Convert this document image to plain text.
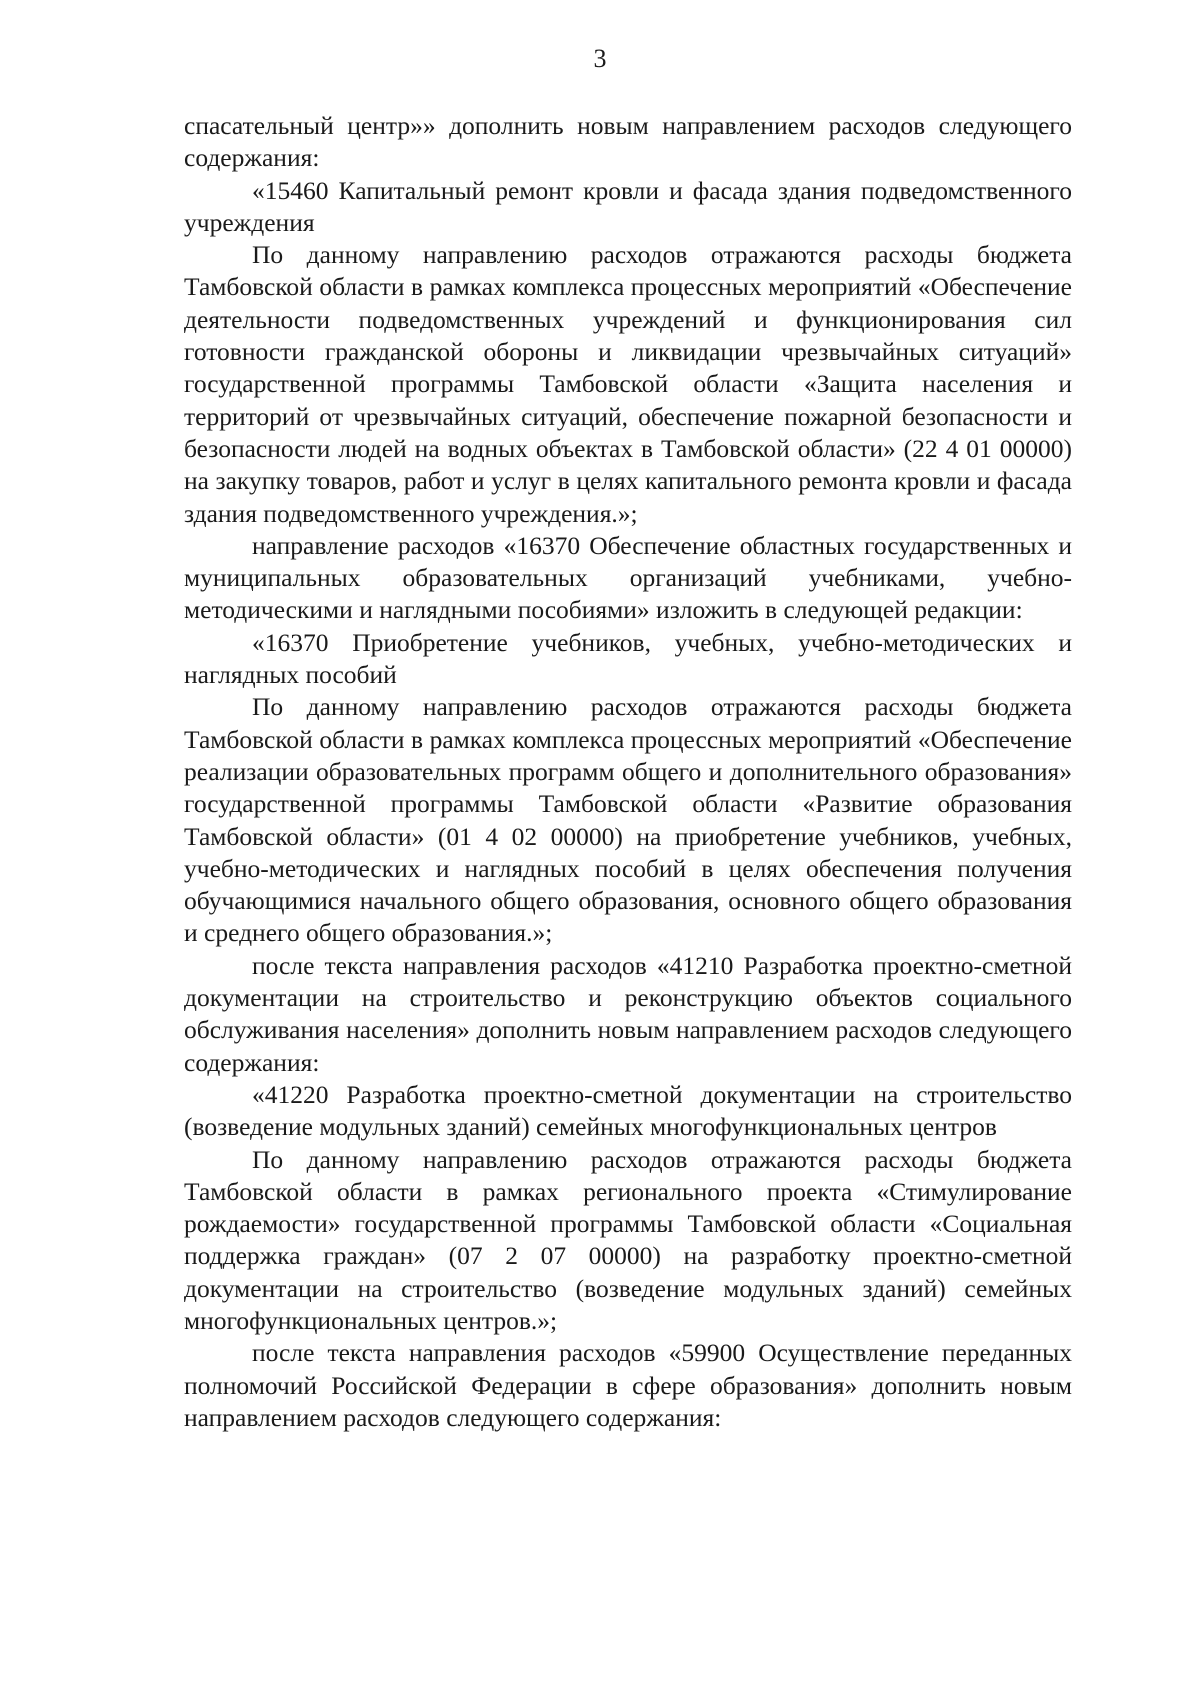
3

спасательный центр»» дополнить новым направлением расходов следующего содержания:

«15460 Капитальный ремонт кровли и фасада здания подведомственного учреждения

По данному направлению расходов отражаются расходы бюджета Тамбовской области в рамках комплекса процессных мероприятий «Обеспечение деятельности подведомственных учреждений и функционирования сил готовности гражданской обороны и ликвидации чрезвычайных ситуаций» государственной программы Тамбовской области «Защита населения и территорий от чрезвычайных ситуаций, обеспечение пожарной безопасности и безопасности людей на водных объектах в Тамбовской области» (22 4 01 00000) на закупку товаров, работ и услуг в целях капитального ремонта кровли и фасада здания подведомственного учреждения.»;

направление расходов «16370 Обеспечение областных государственных и муниципальных образовательных организаций учебниками, учебно-методическими и наглядными пособиями» изложить в следующей редакции:

«16370 Приобретение учебников, учебных, учебно-методических и наглядных пособий

По данному направлению расходов отражаются расходы бюджета Тамбовской области в рамках комплекса процессных мероприятий «Обеспечение реализации образовательных программ общего и дополнительного образования» государственной программы Тамбовской области «Развитие образования Тамбовской области» (01 4 02 00000) на приобретение учебников, учебных, учебно-методических и наглядных пособий в целях обеспечения получения обучающимися начального общего образования, основного общего образования и среднего общего образования.»;

после текста направления расходов «41210 Разработка проектно-сметной документации на строительство и реконструкцию объектов социального обслуживания населения» дополнить новым направлением расходов следующего содержания:

«41220 Разработка проектно-сметной документации на строительство (возведение модульных зданий) семейных многофункциональных центров

По данному направлению расходов отражаются расходы бюджета Тамбовской области в рамках регионального проекта «Стимулирование рождаемости» государственной программы Тамбовской области «Социальная поддержка граждан» (07 2 07 00000) на разработку проектно-сметной документации на строительство (возведение модульных зданий) семейных многофункциональных центров.»;

после текста направления расходов «59900 Осуществление переданных полномочий Российской Федерации в сфере образования» дополнить новым направлением расходов следующего содержания:
